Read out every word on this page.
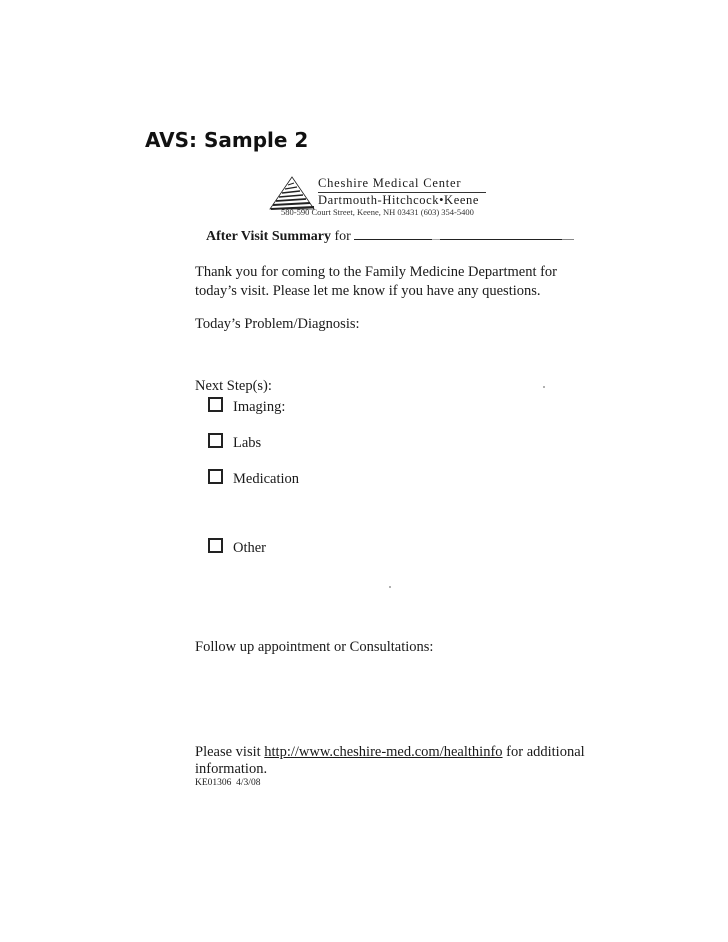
AVS: Sample 2
Cheshire Medical Center
Dartmouth-Hitchcock•Keene
580-590 Court Street, Keene, NH 03431 (603) 354-5400
After Visit Summary for
Thank you for coming to the Family Medicine Department for
today’s visit. Please let me know if you have any questions.
Today’s Problem/Diagnosis:
Next Step(s):
Imaging:
Labs
Medication
Other
Follow up appointment or Consultations:
Please visit http://www.cheshire-med.com/healthinfo for additional
information.
KE01306 4/3/08
